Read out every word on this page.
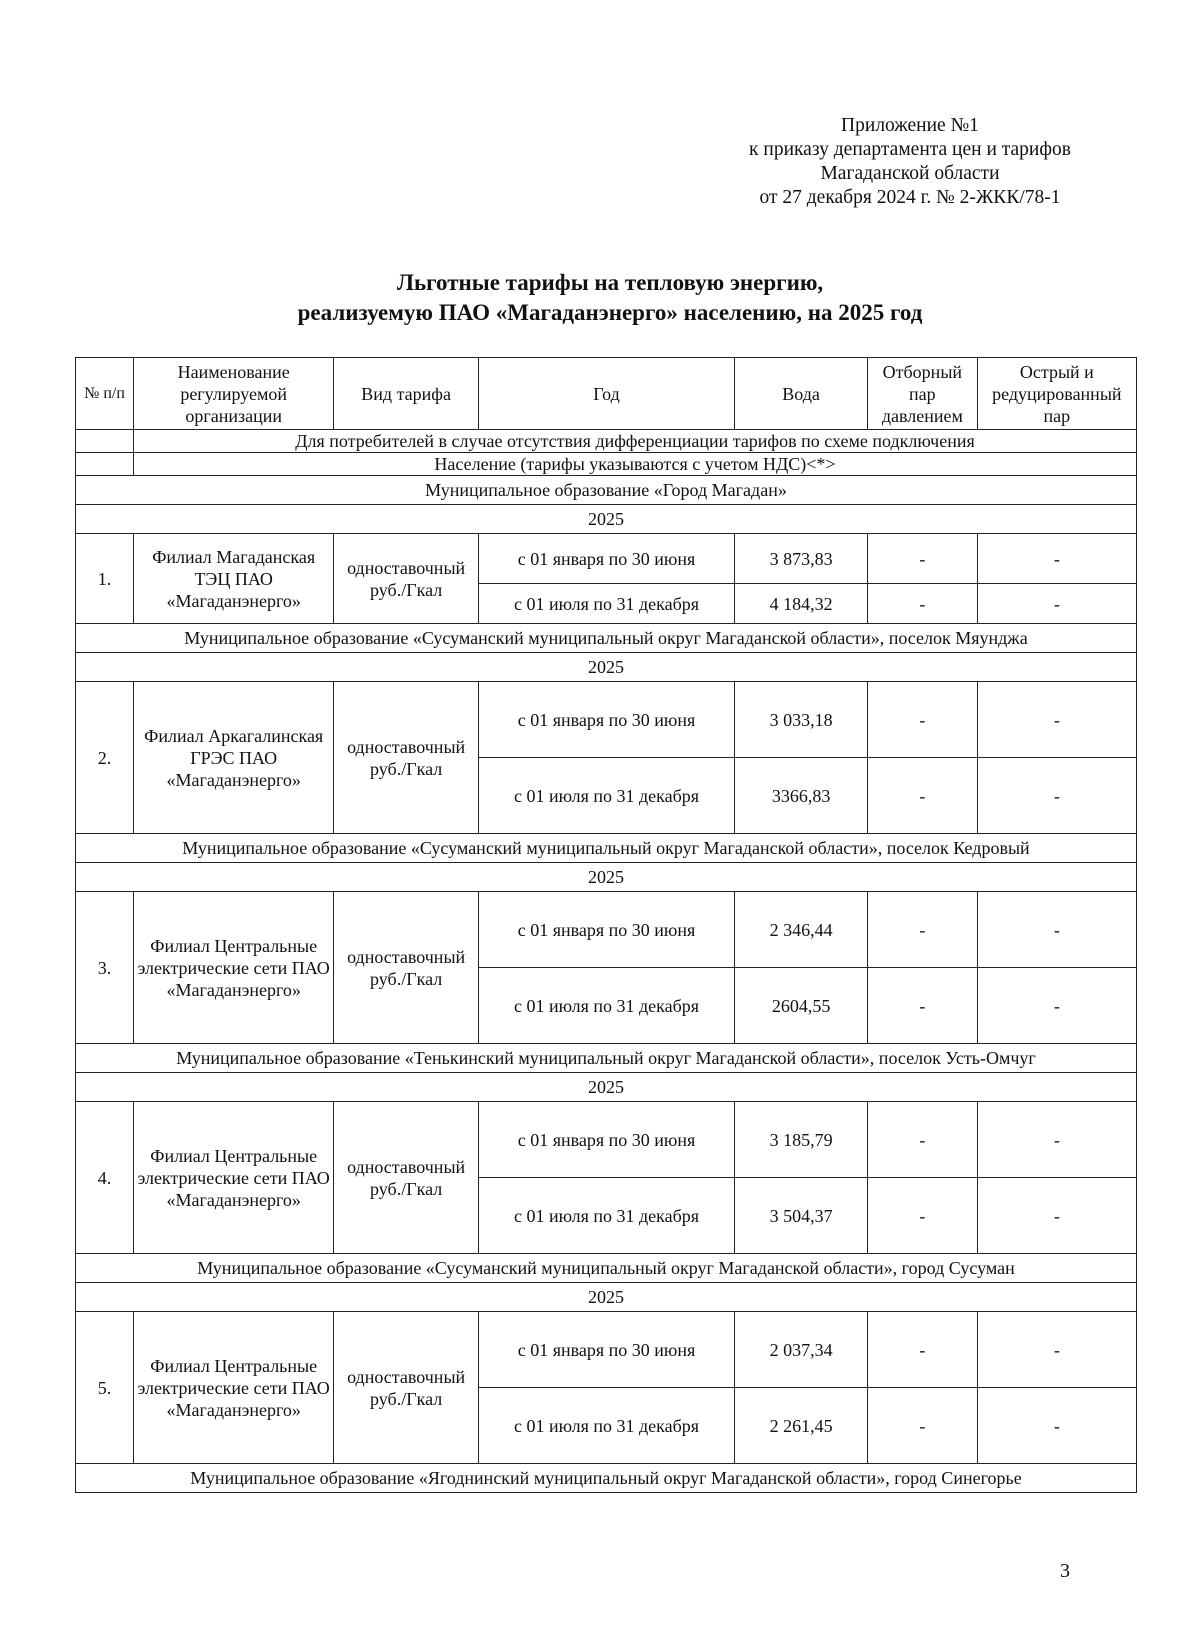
Приложение №1
к приказу департамента цен и тарифов
Магаданской области
от 27 декабря 2024 г. № 2-ЖКК/78-1
Льготные тарифы на тепловую энергию,
реализуемую ПАО «Магаданэнерго» населению, на 2025 год
№ п/п	Наименование регулируемой организации	Вид тарифа	Год	Вода	Отборный пар давлением	Острый и редуцированный пар
	Для потребителей в случае отсутствия дифференциации тарифов по схеме подключения					
	Население (тарифы указываются с учетом НДС)<*>					
Муниципальное образование «Город Магадан»						
2025						
1.	Филиал Магаданская ТЭЦ ПАО «Магаданэнерго»	одноставочный руб./Гкал	с 01 января по 30 июня	3 873,83	-	-
			с 01 июля по 31 декабря	4 184,32	-	-
Муниципальное образование «Сусуманский муниципальный округ Магаданской области», поселок Мяунджа						
2025						
2.	Филиал Аркагалинская ГРЭС ПАО «Магаданэнерго»	одноставочный руб./Гкал	с 01 января по 30 июня	3 033,18	-	-
			с 01 июля по 31 декабря	3366,83	-	-
Муниципальное образование «Сусуманский муниципальный округ Магаданской области», поселок Кедровый						
2025						
3.	Филиал Центральные электрические сети ПАО «Магаданэнерго»	одноставочный руб./Гкал	с 01 января по 30 июня	2 346,44	-	-
			с 01 июля по 31 декабря	2604,55	-	-
Муниципальное образование «Тенькинский муниципальный округ Магаданской области», поселок Усть-Омчуг						
2025						
4.	Филиал Центральные электрические сети ПАО «Магаданэнерго»	одноставочный руб./Гкал	с 01 января по 30 июня	3 185,79	-	-
			с 01 июля по 31 декабря	3 504,37	-	-
Муниципальное образование «Сусуманский муниципальный округ Магаданской области», город Сусуман						
2025						
5.	Филиал Центральные электрические сети ПАО «Магаданэнерго»	одноставочный руб./Гкал	с 01 января по 30 июня	2 037,34	-	-
			с 01 июля по 31 декабря	2 261,45	-	-
Муниципальное образование «Ягоднинский муниципальный округ Магаданской области», город Синегорье						
3
